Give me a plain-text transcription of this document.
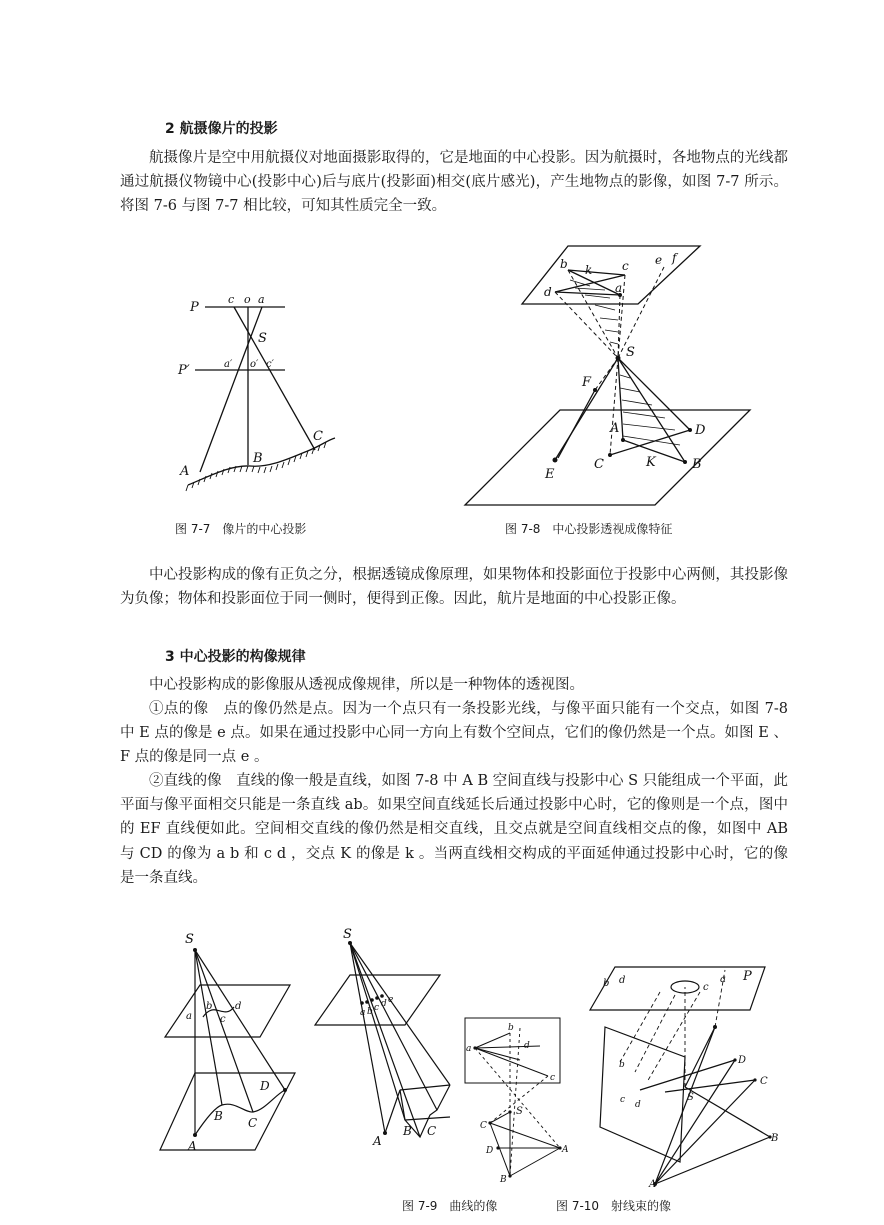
2 航摄像片的投影
航摄像片是空中用航摄仪对地面摄影取得的，它是地面的中心投影。因为航摄时，各地物点的光线都通过航摄仪物镜中心(投影中心)后与底片(投影面)相交(底片感光)，产生地物点的影像，如图 7-7 所示。将图 7-6 与图 7-7 相比较，可知其性质完全一致。
P
c o a
S
P′	a′ o′ c′
A
B
C
图 7-7　像片的中心投影
b k c e f
d	a
S
F
A	D
C	K	B
E
图 7-8　中心投影透视成像特征
中心投影构成的像有正负之分，根据透镜成像原理，如果物体和投影面位于投影中心两侧，其投影像为负像；物体和投影面位于同一侧时，便得到正像。因此，航片是地面的中心投影正像。
3 中心投影的构像规律
中心投影构成的影像服从透视成像规律，所以是一种物体的透视图。
①点的像　点的像仍然是点。因为一个点只有一条投影光线，与像平面只能有一个交点，如图 7-8 中 E 点的像是 e 点。如果在通过投影中心同一方向上有数个空间点，它们的像仍然是一个点。如图 E 、F 点的像是同一点 e 。
②直线的像　直线的像一般是直线，如图 7-8 中 A B 空间直线与投影中心 S 只能组成一个平面，此平面与像平面相交只能是一条直线 ab。如果空间直线延长后通过投影中心时，它的像则是一个点，图中的 EF 直线便如此。空间相交直线的像仍然是相交直线，且交点就是空间直线相交点的像，如图中 AB 与 CD 的像为 a b 和 c d ，交点 K 的像是 k 。当两直线相交构成的平面延伸通过投影中心时，它的像是一条直线。
S
a
b
c
d
A
B C
D
S
a b c d e
A
B C
a
b
c
d
S
C
D	A
B
b d
c
a P
b
c d
S
D
C
B
A
图 7-9　曲线的像	图 7-10　射线束的像
